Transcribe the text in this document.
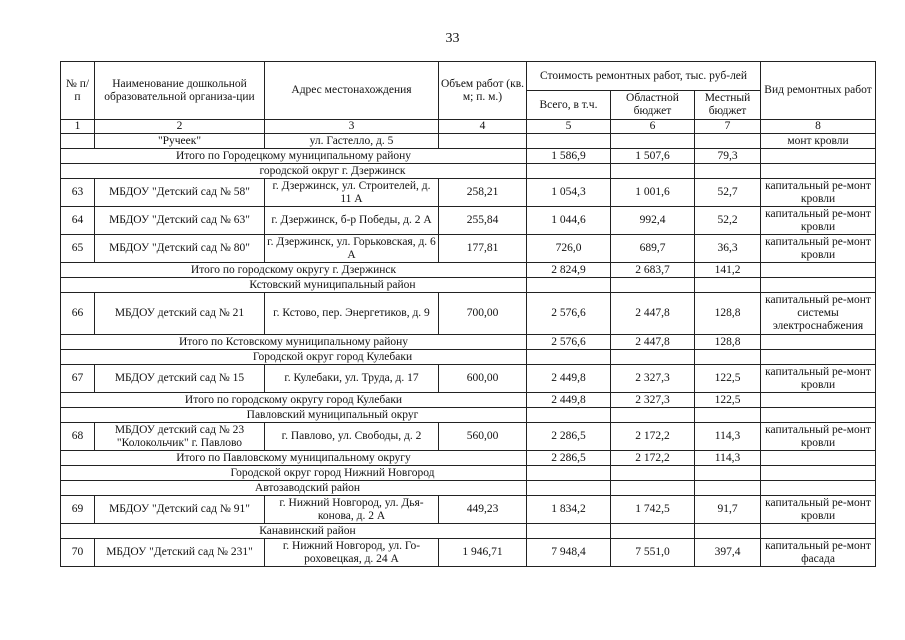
33
№ п/п	Наименование дошкольной образовательной организа-ции	Адрес местонахождения	Объем работ (кв. м; п. м.)	Стоимость ремонтных работ, тыс. руб-лей			Вид ремонтных работ
				Всего, в т.ч.	Областной бюджет	Местный бюджет	
1	2	3	4	5	6	7	8
	"Ручеек"	ул. Гастелло, д. 5					монт кровли
Итого по Городецкому муниципальному району				1 586,9	1 507,6	79,3	
городской округ г. Дзержинск							
63	МБДОУ "Детский сад № 58"	г. Дзержинск, ул. Строителей, д. 11 А	258,21	1 054,3	1 001,6	52,7	капитальный ре-монт кровли
64	МБДОУ "Детский сад № 63"	г. Дзержинск, б-р Победы, д. 2 А	255,84	1 044,6	992,4	52,2	капитальный ре-монт кровли
65	МБДОУ "Детский сад № 80"	г. Дзержинск, ул. Горьковская, д. 6 А	177,81	726,0	689,7	36,3	капитальный ре-монт кровли
Итого по городскому округу г. Дзержинск				2 824,9	2 683,7	141,2	
Кстовский муниципальный район							
66	МБДОУ детский сад № 21	г. Кстово, пер. Энергетиков, д. 9	700,00	2 576,6	2 447,8	128,8	капитальный ре-монт системы электроснабжения
Итого по Кстовскому муниципальному району				2 576,6	2 447,8	128,8	
Городской округ город Кулебаки							
67	МБДОУ детский сад № 15	г. Кулебаки, ул. Труда, д. 17	600,00	2 449,8	2 327,3	122,5	капитальный ре-монт кровли
Итого по городскому округу город Кулебаки				2 449,8	2 327,3	122,5	
Павловский муниципальный округ							
68	МБДОУ детский сад № 23 "Колокольчик" г. Павлово	г. Павлово, ул. Свободы, д. 2	560,00	2 286,5	2 172,2	114,3	капитальный ре-монт кровли
Итого по Павловскому муниципальному округу				2 286,5	2 172,2	114,3	
Городской округ город Нижний Новгород							
Автозаводский район							
69	МБДОУ "Детский сад № 91"	г. Нижний Новгород, ул. Дья-конова, д. 2 А	449,23	1 834,2	1 742,5	91,7	капитальный ре-монт кровли
Канавинский район							
70	МБДОУ "Детский сад № 231"	г. Нижний Новгород, ул. Го-роховецкая, д. 24 А	1 946,71	7 948,4	7 551,0	397,4	капитальный ре-монт фасада
